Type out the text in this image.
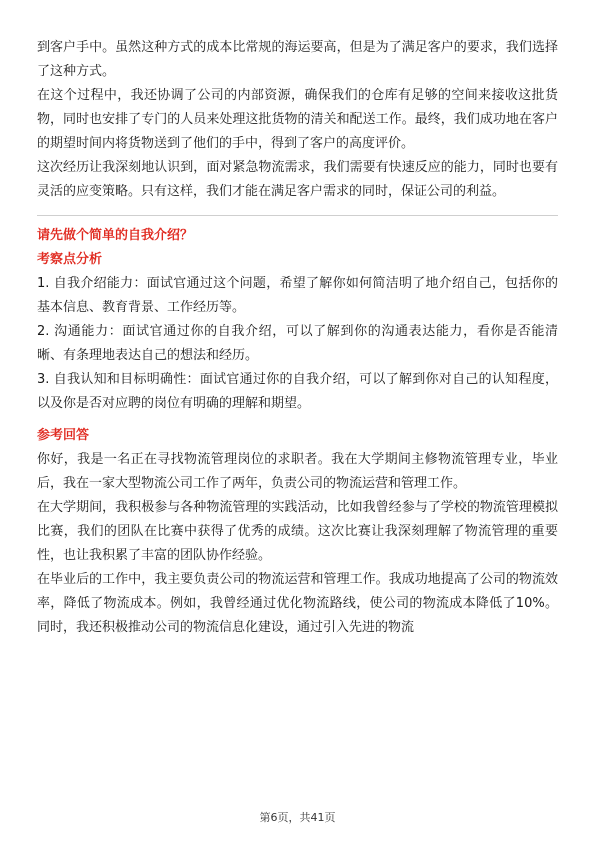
到客户手中。虽然这种方式的成本比常规的海运要高，但是为了满足客户的要求，我们选择了这种方式。

在这个过程中，我还协调了公司的内部资源，确保我们的仓库有足够的空间来接收这批货物，同时也安排了专门的人员来处理这批货物的清关和配送工作。最终，我们成功地在客户的期望时间内将货物送到了他们的手中，得到了客户的高度评价。

这次经历让我深刻地认识到，面对紧急物流需求，我们需要有快速反应的能力，同时也要有灵活的应变策略。只有这样，我们才能在满足客户需求的同时，保证公司的利益。

请先做个简单的自我介绍？

考察点分析

1. 自我介绍能力：面试官通过这个问题，希望了解你如何简洁明了地介绍自己，包括你的基本信息、教育背景、工作经历等。

2. 沟通能力：面试官通过你的自我介绍，可以了解到你的沟通表达能力，看你是否能清晰、有条理地表达自己的想法和经历。

3. 自我认知和目标明确性：面试官通过你的自我介绍，可以了解到你对自己的认知程度，以及你是否对应聘的岗位有明确的理解和期望。

参考回答

你好，我是一名正在寻找物流管理岗位的求职者。我在大学期间主修物流管理专业，毕业后，我在一家大型物流公司工作了两年，负责公司的物流运营和管理工作。

在大学期间，我积极参与各种物流管理的实践活动，比如我曾经参与了学校的物流管理模拟比赛，我们的团队在比赛中获得了优秀的成绩。这次比赛让我深刻理解了物流管理的重要性，也让我积累了丰富的团队协作经验。

在毕业后的工作中，我主要负责公司的物流运营和管理工作。我成功地提高了公司的物流效率，降低了物流成本。例如，我曾经通过优化物流路线，使公司的物流成本降低了10%。同时，我还积极推动公司的物流信息化建设，通过引入先进的物流

第6页，共41页
